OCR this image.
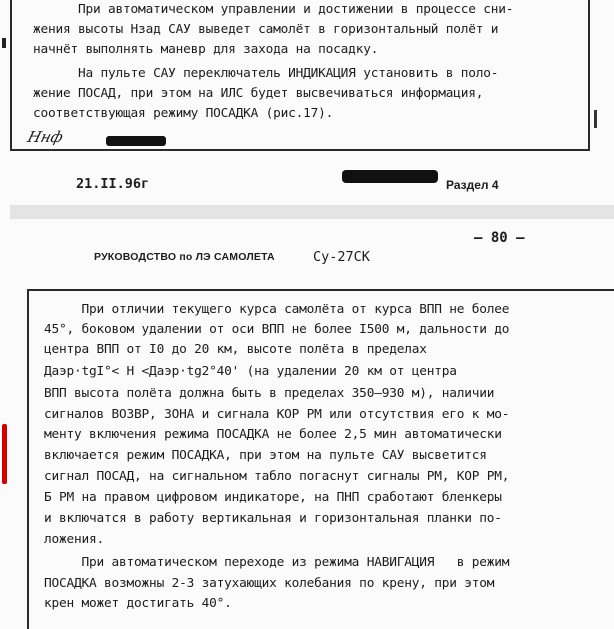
При автоматическом управлении и достижении в процессе сни-
жения высоты Нзад САУ выведет самолёт в горизонтальный полёт и
начнёт выполнять маневр для захода на посадку.
На пульте САУ переключатель ИНДИКАЦИЯ установить в поло-
жение ПОСАД, при этом на ИЛС будет высвечиваться информация,
соответствующая режиму ПОСАДКА (рис.17).
Ннф
21.II.96г	Раздел 4
— 80 —
РУКОВОДСТВО по ЛЭ САМОЛЕТА	Су-27СК
При отличии текущего курса самолёта от курса ВПП не более
45°, боковом удалении от оси ВПП не более I500 м, дальности до
центра ВПП от I0 до 20 км, высоте полёта в пределах
Даэр·tgI°< H <Даэр·tg2°40' (на удалении 20 км от центра
ВПП высота полёта должна быть в пределах 350–930 м), наличии
сигналов ВОЗВР, ЗОНА и сигнала КОР РМ или отсутствия его к мо-
менту включения режима ПОСАДКА не более 2,5 мин автоматически
включается режим ПОСАДКА, при этом на пульте САУ высветится
сигнал ПОСАД, на сигнальном табло погаснут сигналы РМ, КОР РМ,
Б РМ на правом цифровом индикаторе, на ПНП сработают бленкеры
и включатся в работу вертикальная и горизонтальная планки по-
ложения.
При автоматическом переходе из режима НАВИГАЦИЯ   в режим
ПОСАДКА возможны 2-3 затухающих колебания по крену, при этом
крен может достигать 40°.
